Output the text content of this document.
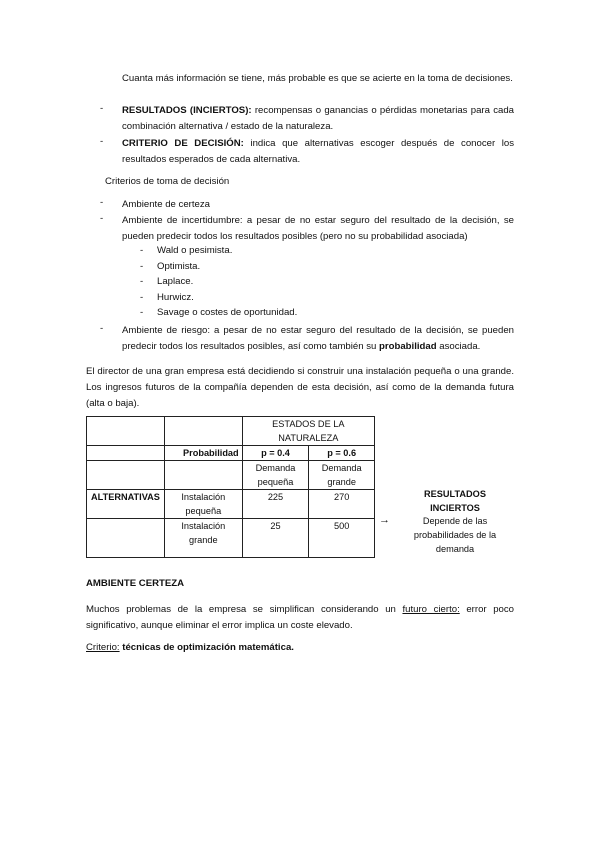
Cuanta más información se tiene, más probable es que se acierte en la toma de decisiones.
-	RESULTADOS (INCIERTOS): recompensas o ganancias o pérdidas monetarias para cada combinación alternativa / estado de la naturaleza.
-	CRITERIO DE DECISIÓN: indica que alternativas escoger después de conocer los resultados esperados de cada alternativa.
Criterios de toma de decisión
-	Ambiente de certeza
-	Ambiente de incertidumbre: a pesar de no estar seguro del resultado de la decisión, se pueden predecir todos los resultados posibles (pero no su probabilidad asociada)
- Wald o pesimista.
- Optimista.
- Laplace.
- Hurwicz.
- Savage o costes de oportunidad.
-	Ambiente de riesgo: a pesar de no estar seguro del resultado de la decisión, se pueden predecir todos los resultados posibles, así como también su probabilidad asociada.
El director de una gran empresa está decidiendo si construir una instalación pequeña o una grande. Los ingresos futuros de la compañía dependen de esta decisión, así como de la demanda futura (alta o baja).
		ESTADOS DE LA NATURALEZA	
	Probabilidad	p = 0.4	p = 0.6
		Demanda pequeña	Demanda grande
ALTERNATIVAS	Instalación pequeña	225	270
	Instalación grande	25	500	→
RESULTADOS INCIERTOS
Depende de las probabilidades de la demanda
AMBIENTE CERTEZA
Muchos problemas de la empresa se simplifican considerando un futuro cierto: error poco significativo, aunque eliminar el error implica un coste elevado.
Criterio: técnicas de optimización matemática.
